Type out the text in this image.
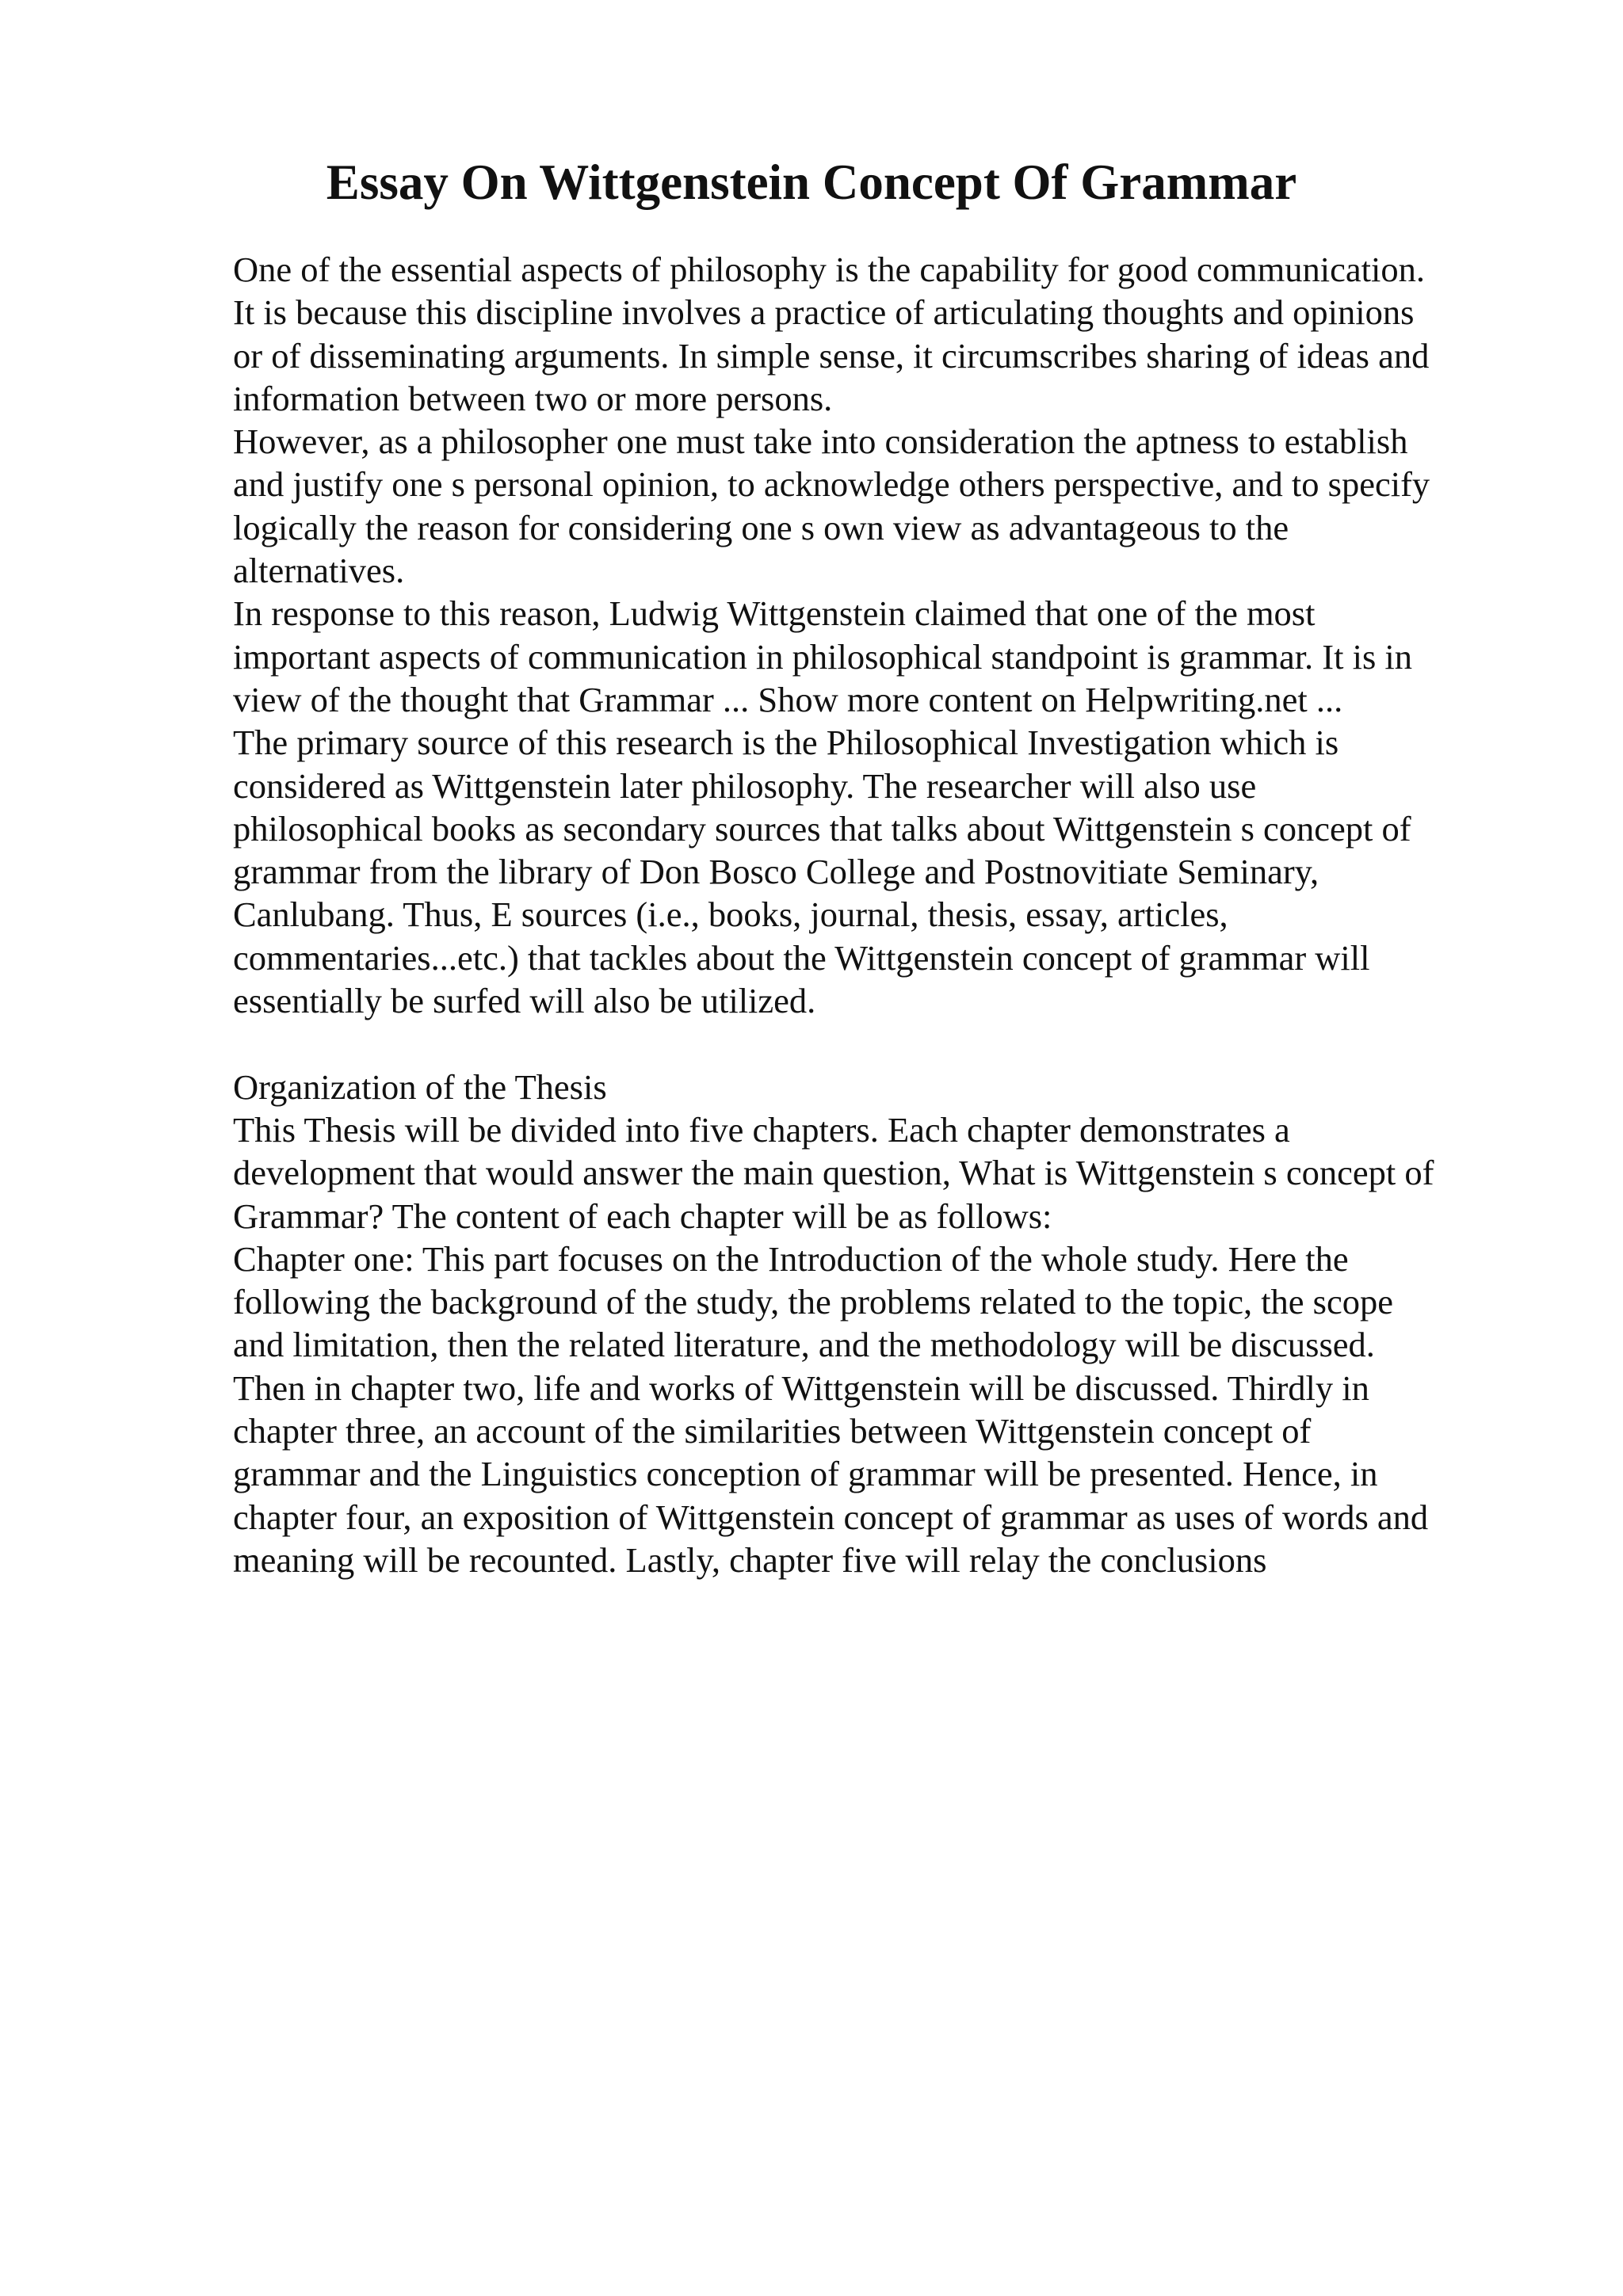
Essay On Wittgenstein Concept Of Grammar
One of the essential aspects of philosophy is the capability for good communication.
It is because this discipline involves a practice of articulating thoughts and opinions
or of disseminating arguments. In simple sense, it circumscribes sharing of ideas and
information between two or more persons.
However, as a philosopher one must take into consideration the aptness to establish
and justify one s personal opinion, to acknowledge others perspective, and to specify
logically the reason for considering one s own view as advantageous to the
alternatives.
In response to this reason, Ludwig Wittgenstein claimed that one of the most
important aspects of communication in philosophical standpoint is grammar. It is in
view of the thought that Grammar ... Show more content on Helpwriting.net ...
The primary source of this research is the Philosophical Investigation which is
considered as Wittgenstein later philosophy. The researcher will also use
philosophical books as secondary sources that talks about Wittgenstein s concept of
grammar from the library of Don Bosco College and Postnovitiate Seminary,
Canlubang. Thus, E sources (i.e., books, journal, thesis, essay, articles,
commentaries...etc.) that tackles about the Wittgenstein concept of grammar will
essentially be surfed will also be utilized.
Organization of the Thesis
This Thesis will be divided into five chapters. Each chapter demonstrates a
development that would answer the main question, What is Wittgenstein s concept of
Grammar? The content of each chapter will be as follows:
Chapter one: This part focuses on the Introduction of the whole study. Here the
following the background of the study, the problems related to the topic, the scope
and limitation, then the related literature, and the methodology will be discussed.
Then in chapter two, life and works of Wittgenstein will be discussed. Thirdly in
chapter three, an account of the similarities between Wittgenstein concept of
grammar and the Linguistics conception of grammar will be presented. Hence, in
chapter four, an exposition of Wittgenstein concept of grammar as uses of words and
meaning will be recounted. Lastly, chapter five will relay the conclusions
